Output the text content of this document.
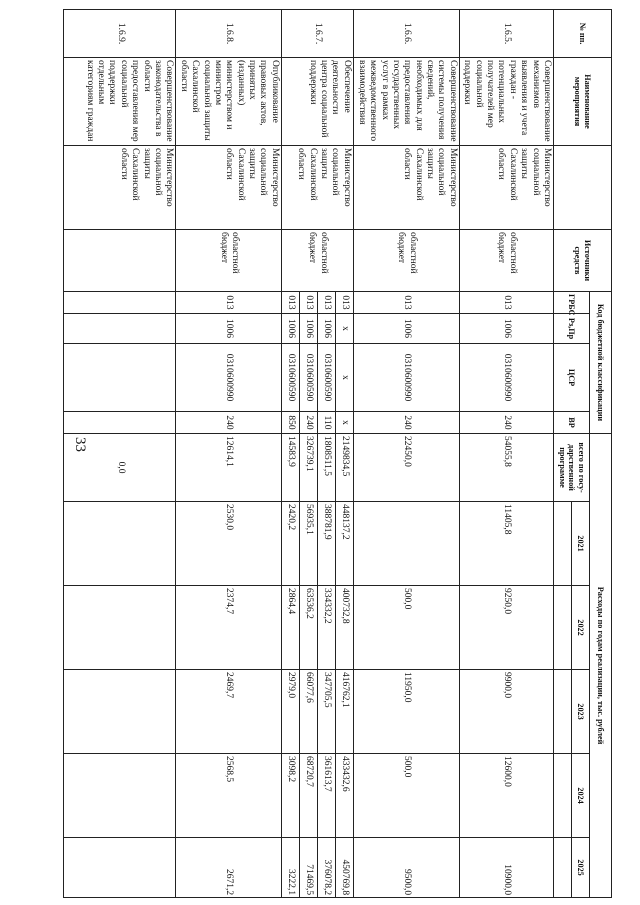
33
№ пп.	Наименование мероприятия		Источники средств	Код бюджетной классификации				Расходы по годам реализации, тыс. рублей					
				ГРБС	Рз,Пр	ЦСР	ВР	всего по госу-дарственной программе	2021	2022	2023	2024	2025

1.6.5.	Совершенствование механизмов выявления и учета граждан - потенциальных получателей мер социальной поддержки	Министерство социальной защиты Сахалинской области	областной бюджет	013	1006	0310600990	240	54055,8	11405,8	9250,0	9900,0	12600,0	10900,0
1.6.6.	Совершенствование системы получения сведений, необходимых для предоставления государственных услуг в рамках межведомственного взаимодействия	Министерство социальной защиты Сахалинской области	областной бюджет	013	1006	0310600990	240	22450,0		500,0	11950,0	500,0	9500,0
1.6.7.	Обеспечение деятельности центра социальной поддержки	Министерство социальной защиты Сахалинской области	областной бюджет	013	x	x	x	2149834,5	448137,2	400732,8	416762,1	433432,6	450769,8
				013	1006	0310600590	110	1808511,5	388781,9	334332,2	347705,5	361613,7	376078,2
				013	1006	0310600590	240	326739,1	56935,1	63536,2	66077,6	68720,7	71469,5
				013	1006	0310600590	850	14583,9	2420,2	2864,4	2979,0	3098,2	3222,1
1.6.8.	Опубликование правовых актов, принятых (изданных) министерством и министром социальной защиты Сахалинской области	Министерство социальной защиты Сахалинской области	областной бюджет	013	1006	0310600990	240	12614,1	2530,0	2374,7	2469,7	2568,5	2671,2
1.6.9.	Совершенствование законодательства в области предоставления мер социальной поддержки отдельным категориям граждан	Министерство социальной защиты Сахалинской области						0,0					
